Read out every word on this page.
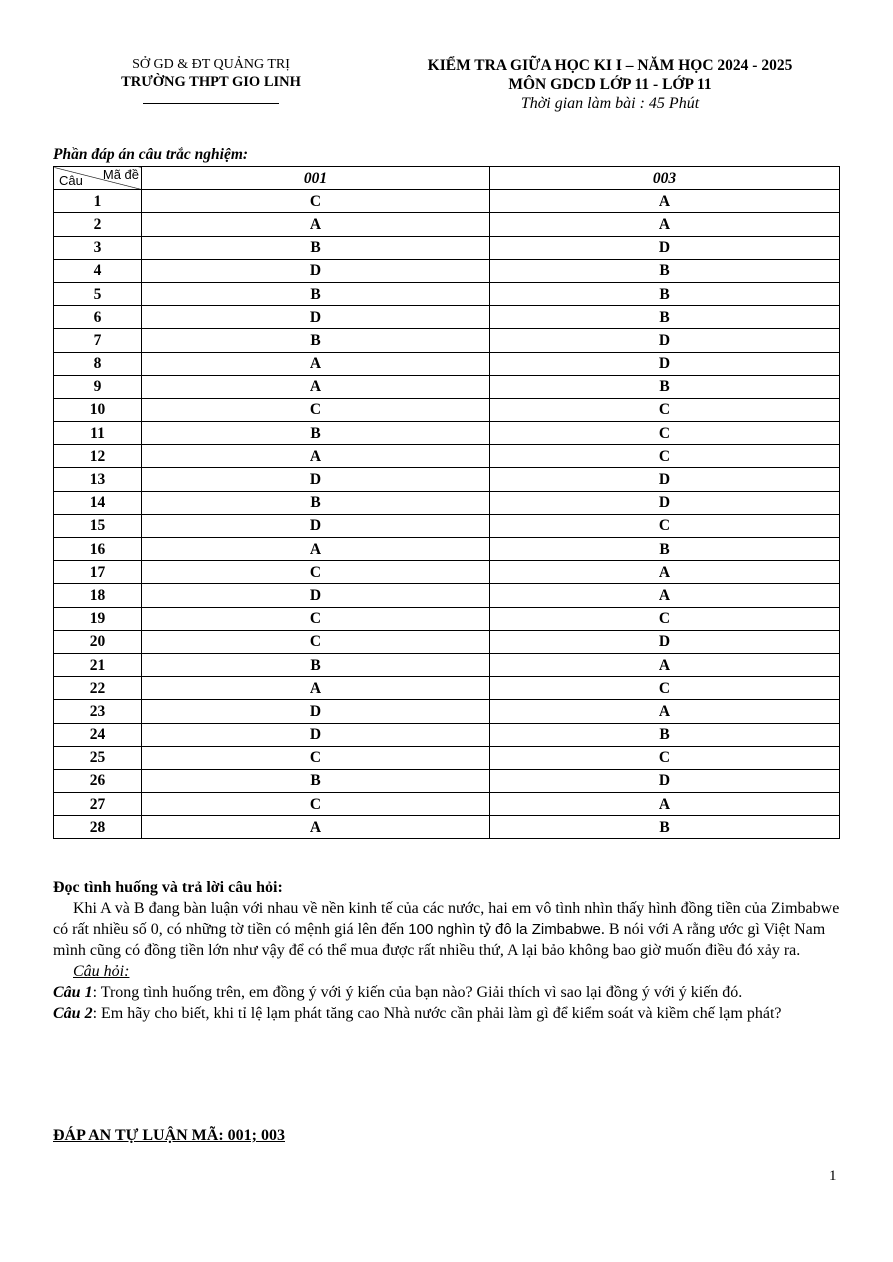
SỞ GD & ĐT QUẢNG TRỊ
TRƯỜNG THPT GIO LINH
KIỂM TRA GIỮA HỌC KI I – NĂM HỌC 2024 - 2025
MÔN GDCD LỚP 11 - LỚP 11
Thời gian làm bài : 45 Phút
Phần đáp án câu trắc nghiệm:
Mã đề
Câu	001	003
1	C	A
2	A	A
3	B	D
4	D	B
5	B	B
6	D	B
7	B	D
8	A	D
9	A	B
10	C	C
11	B	C
12	A	C
13	D	D
14	B	D
15	D	C
16	A	B
17	C	A
18	D	A
19	C	C
20	C	D
21	B	A
22	A	C
23	D	A
24	D	B
25	C	C
26	B	D
27	C	A
28	A	B

Đọc tình huống và trả lời câu hỏi:

Khi A và B đang bàn luận với nhau về nền kinh tế của các nước, hai em vô tình nhìn thấy hình đồng tiền của Zimbabwe có rất nhiều số 0, có những tờ tiền có mệnh giá lên đến 100 nghìn tỷ đô la Zimbabwe. B nói với A rằng ước gì Việt Nam mình cũng có đồng tiền lớn như vậy để có thể mua được rất nhiều thứ, A lại bảo không bao giờ muốn điều đó xảy ra.

Câu hỏi:

Câu 1: Trong tình huống trên, em đồng ý với ý kiến của bạn nào? Giải thích vì sao lại đồng ý với ý kiến đó.

Câu 2: Em hãy cho biết, khi tỉ lệ lạm phát tăng cao Nhà nước cần phải làm gì để kiểm soát và kiềm chế lạm phát?

ĐÁP AN TỰ LUẬN MÃ: 001; 003
1
